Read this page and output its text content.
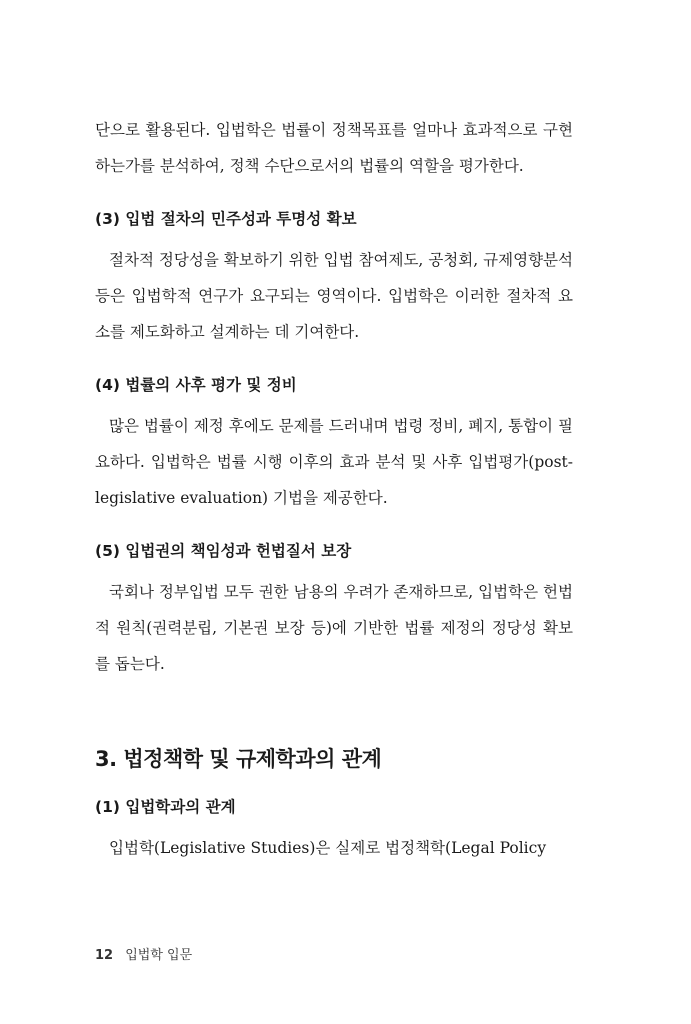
단으로 활용된다. 입법학은 법률이 정책목표를 얼마나 효과적으로 구현하는가를 분석하여, 정책 수단으로서의 법률의 역할을 평가한다.

(3) 입법 절차의 민주성과 투명성 확보

절차적 정당성을 확보하기 위한 입법 참여제도, 공청회, 규제영향분석 등은 입법학적 연구가 요구되는 영역이다. 입법학은 이러한 절차적 요소를 제도화하고 설계하는 데 기여한다.

(4) 법률의 사후 평가 및 정비

많은 법률이 제정 후에도 문제를 드러내며 법령 정비, 폐지, 통합이 필요하다. 입법학은 법률 시행 이후의 효과 분석 및 사후 입법평가(post-legislative evaluation) 기법을 제공한다.

(5) 입법권의 책임성과 헌법질서 보장

국회나 정부입법 모두 권한 남용의 우려가 존재하므로, 입법학은 헌법적 원칙(권력분립, 기본권 보장 등)에 기반한 법률 제정의 정당성 확보를 돕는다.

3. 법정책학 및 규제학과의 관계
(1) 입법학과의 관계

입법학(Legislative Studies)은 실제로 법정책학(Legal Policy

12 입법학 입문
